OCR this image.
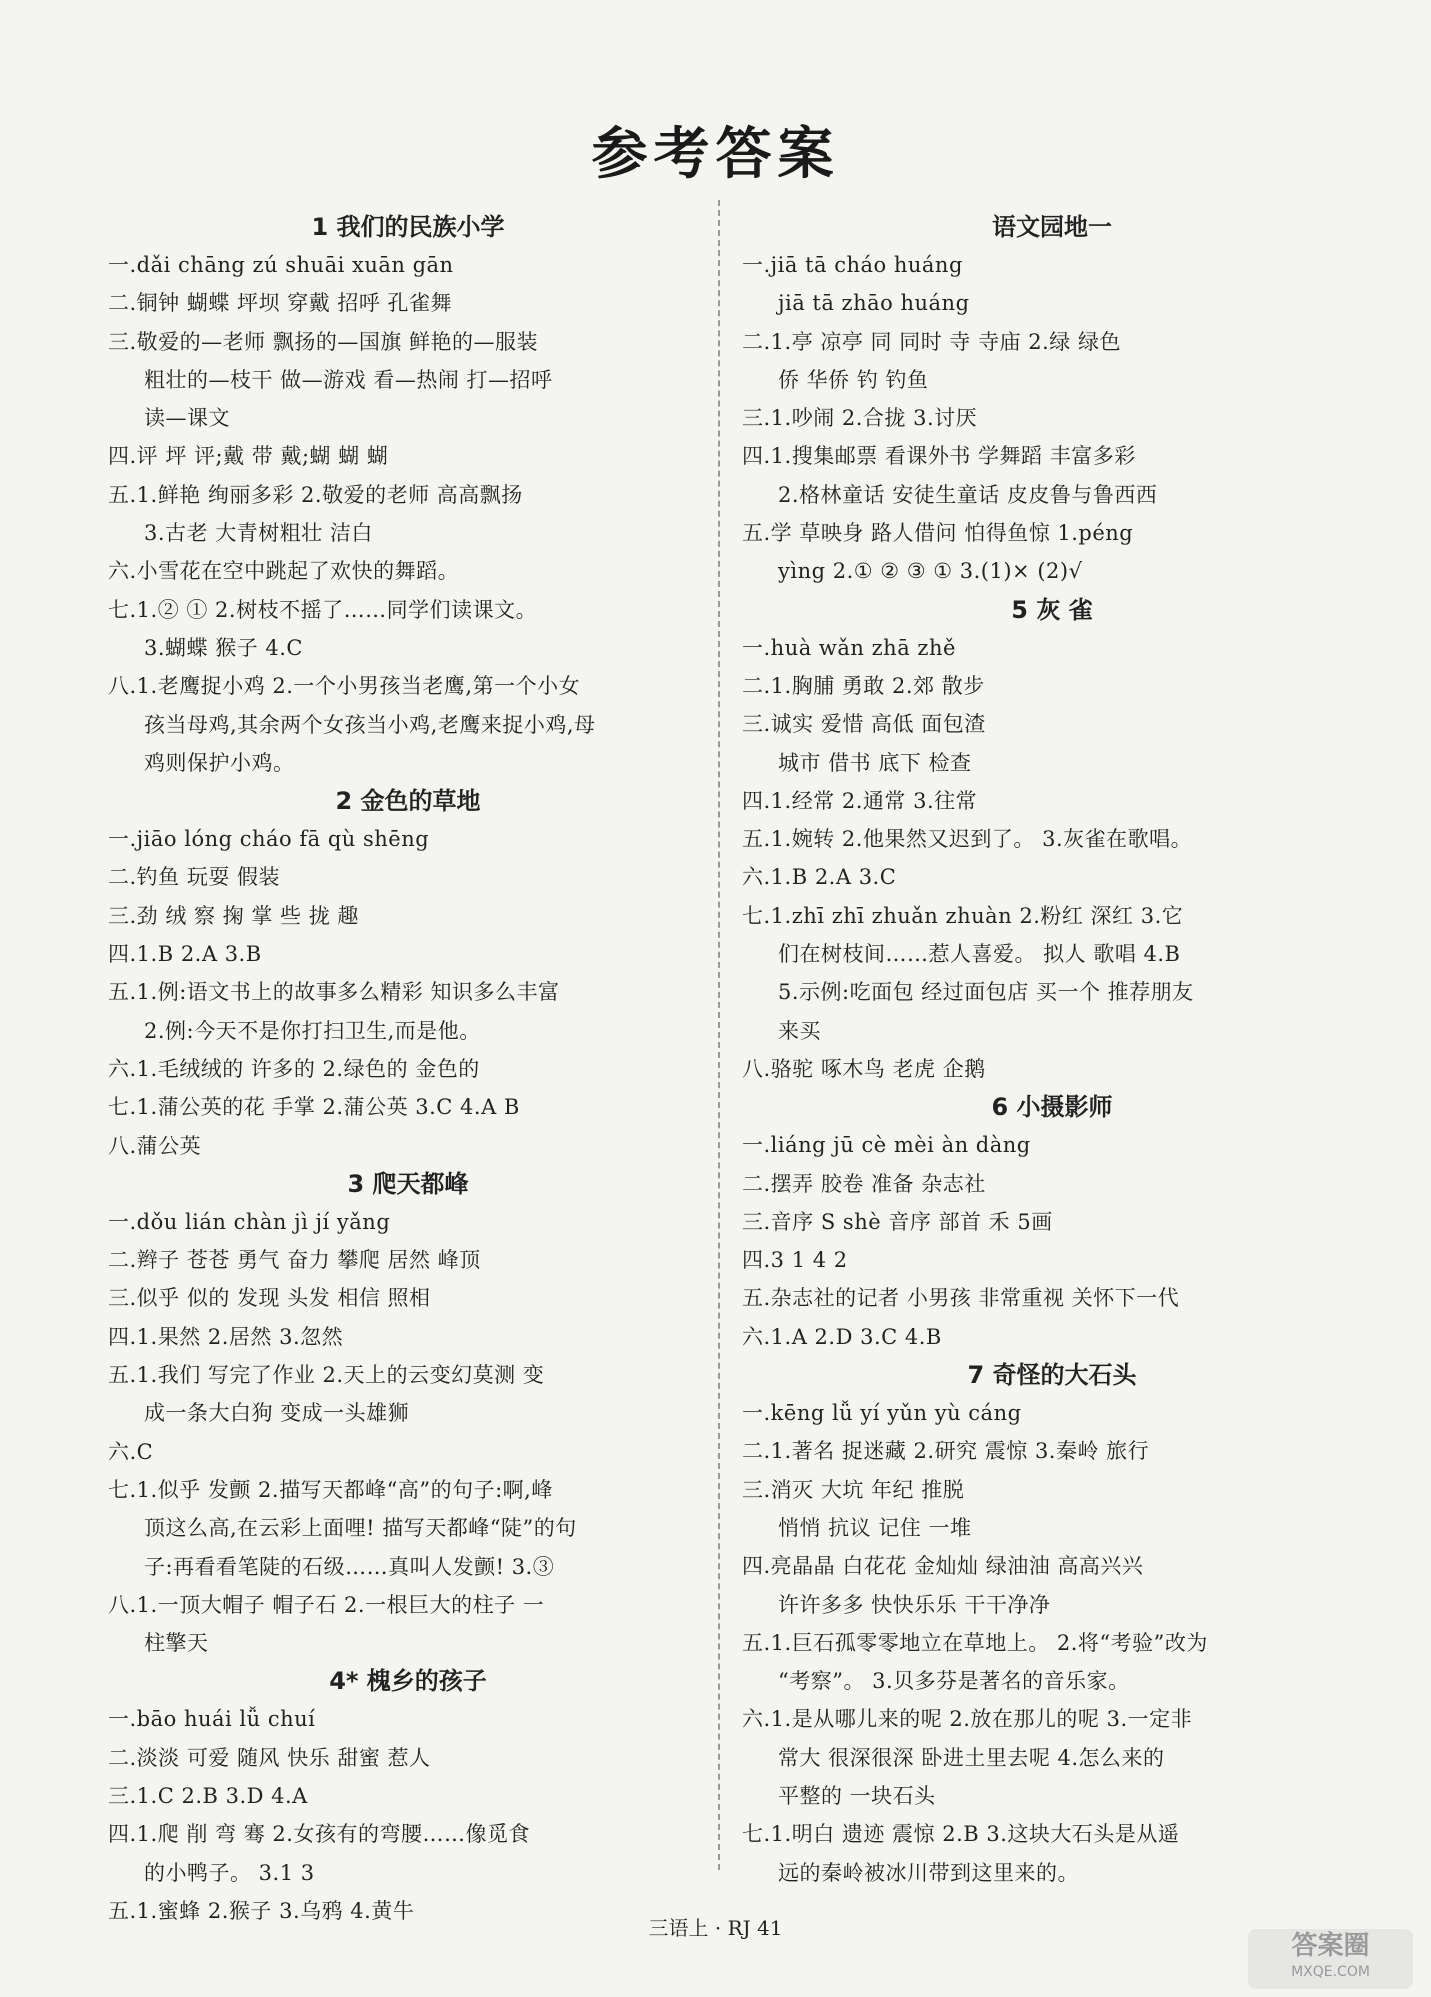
参考答案
1 我们的民族小学
一.dǎi chāng zú shuāi xuān gān
二.铜钟 蝴蝶 坪坝 穿戴 招呼 孔雀舞
三.敬爱的—老师 飘扬的—国旗 鲜艳的—服装
粗壮的—枝干 做—游戏 看—热闹 打—招呼
读—课文
四.评 坪 评;戴 带 戴;蝴 蝴 蝴
五.1.鲜艳 绚丽多彩 2.敬爱的老师 高高飘扬
3.古老 大青树粗壮 洁白
六.小雪花在空中跳起了欢快的舞蹈。
七.1.② ① 2.树枝不摇了……同学们读课文。
3.蝴蝶 猴子 4.C
八.1.老鹰捉小鸡 2.一个小男孩当老鹰,第一个小女
孩当母鸡,其余两个女孩当小鸡,老鹰来捉小鸡,母
鸡则保护小鸡。
2 金色的草地
一.jiāo lóng cháo fā qù shēng
二.钓鱼 玩耍 假装
三.劲 绒 察 掬 掌 些 拢 趣
四.1.B 2.A 3.B
五.1.例:语文书上的故事多么精彩 知识多么丰富
2.例:今天不是你打扫卫生,而是他。
六.1.毛绒绒的 许多的 2.绿色的 金色的
七.1.蒲公英的花 手掌 2.蒲公英 3.C 4.A B
八.蒲公英
3 爬天都峰
一.dǒu lián chàn jì jí yǎng
二.辫子 苍苍 勇气 奋力 攀爬 居然 峰顶
三.似乎 似的 发现 头发 相信 照相
四.1.果然 2.居然 3.忽然
五.1.我们 写完了作业 2.天上的云变幻莫测 变
成一条大白狗 变成一头雄狮
六.C
七.1.似乎 发颤 2.描写天都峰“高”的句子:啊,峰
顶这么高,在云彩上面哩! 描写天都峰“陡”的句
子:再看看笔陡的石级……真叫人发颤! 3.③
八.1.一顶大帽子 帽子石 2.一根巨大的柱子 一
柱擎天
4* 槐乡的孩子
一.bāo huái lǚ chuí
二.淡淡 可爱 随风 快乐 甜蜜 惹人
三.1.C 2.B 3.D 4.A
四.1.爬 削 弯 骞 2.女孩有的弯腰……像觅食
的小鸭子。 3.1 3
五.1.蜜蜂 2.猴子 3.乌鸦 4.黄牛
语文园地一
一.jiā tā cháo huáng
jiā tā zhāo huáng
二.1.亭 凉亭 同 同时 寺 寺庙 2.绿 绿色
侨 华侨 钓 钓鱼
三.1.吵闹 2.合拢 3.讨厌
四.1.搜集邮票 看课外书 学舞蹈 丰富多彩
2.格林童话 安徒生童话 皮皮鲁与鲁西西
五.学 草映身 路人借问 怕得鱼惊 1.péng
yìng 2.① ② ③ ① 3.(1)× (2)√
5 灰 雀
一.huà wǎn zhā zhě
二.1.胸脯 勇敢 2.郊 散步
三.诚实 爱惜 高低 面包渣
城市 借书 底下 检查
四.1.经常 2.通常 3.往常
五.1.婉转 2.他果然又迟到了。 3.灰雀在歌唱。
六.1.B 2.A 3.C
七.1.zhī zhī zhuǎn zhuàn 2.粉红 深红 3.它
们在树枝间……惹人喜爱。 拟人 歌唱 4.B
5.示例:吃面包 经过面包店 买一个 推荐朋友
来买
八.骆驼 啄木鸟 老虎 企鹅
6 小摄影师
一.liáng jū cè mèi àn dàng
二.摆弄 胶卷 准备 杂志社
三.音序 S shè 音序 部首 禾 5画
四.3 1 4 2
五.杂志社的记者 小男孩 非常重视 关怀下一代
六.1.A 2.D 3.C 4.B
7 奇怪的大石头
一.kēng lǚ yí yǔn yù cáng
二.1.著名 捉迷藏 2.研究 震惊 3.秦岭 旅行
三.消灭 大坑 年纪 推脱
悄悄 抗议 记住 一堆
四.亮晶晶 白花花 金灿灿 绿油油 高高兴兴
许许多多 快快乐乐 干干净净
五.1.巨石孤零零地立在草地上。 2.将“考验”改为
“考察”。 3.贝多芬是著名的音乐家。
六.1.是从哪儿来的呢 2.放在那儿的呢 3.一定非
常大 很深很深 卧进土里去呢 4.怎么来的
平整的 一块石头
七.1.明白 遗迹 震惊 2.B 3.这块大石头是从遥
远的秦岭被冰川带到这里来的。
三语上 · RJ 41
答案圈
MXQE.COM
